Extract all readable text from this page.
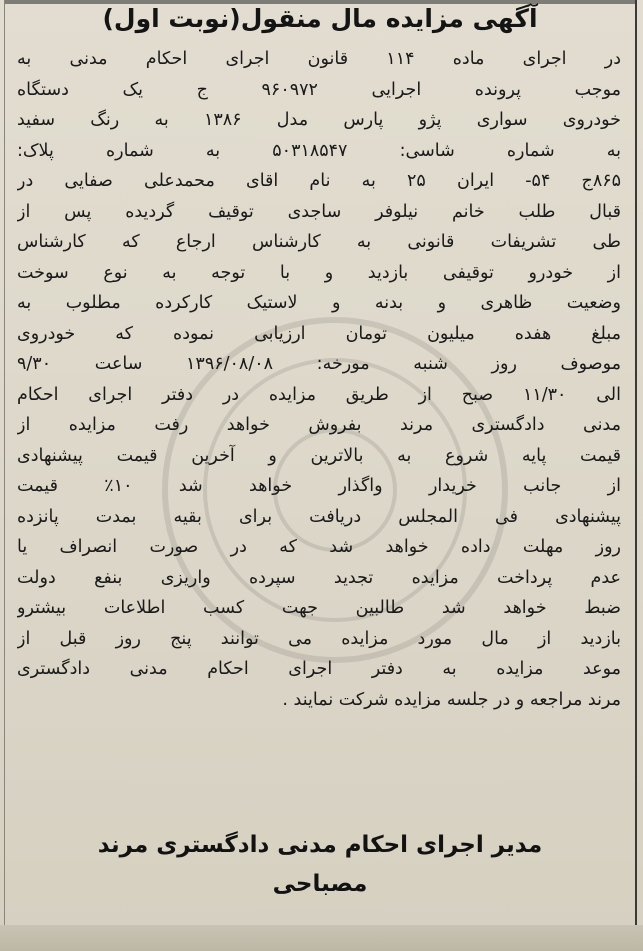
آگهی مزایده مال منقول(نوبت اول)
در اجرای ماده ۱۱۴ قانون اجرای احکام مدنی به
موجب پرونده اجرایی ۹۶۰۹۷۲ ج یک دستگاه
خودروی سواری پژو پارس مدل ۱۳۸۶ به رنگ سفید
به شماره شاسی: ۵۰۳۱۸۵۴۷ به شماره پلاک:
۸۶۵ج ۵۴- ایران ۲۵ به نام اقای محمدعلی صفایی در
قبال طلب خانم نیلوفر ساجدی توقیف گردیده پس از
طی تشریفات قانونی به کارشناس ارجاع که کارشناس
از خودرو توقیفی بازدید و با توجه به نوع سوخت
وضعیت ظاهری و بدنه و لاستیک کارکرده مطلوب به
مبلغ هفده میلیون تومان ارزیابی نموده که خودروی
موصوف روز شنبه مورخه: ۱۳۹۶/۰۸/۰۸ ساعت ۹/۳۰
الی ۱۱/۳۰ صبح از طریق مزایده در دفتر اجرای احکام
مدنی دادگستری مرند بفروش خواهد رفت مزایده از
قیمت پایه شروع به بالاترین و آخرین قیمت پیشنهادی
از جانب خریدار واگذار خواهد شد ۱۰٪ قیمت
پیشنهادی فی المجلس دریافت برای بقیه بمدت پانزده
روز مهلت داده خواهد شد که در صورت انصراف یا
عدم پرداخت مزایده تجدید سپرده واریزی بنفع دولت
ضبط خواهد شد طالبین جهت کسب اطلاعات بیشترو
بازدید از مال مورد مزایده می توانند پنج روز قبل از
موعد مزایده به دفتر اجرای احکام مدنی دادگستری
مرند مراجعه و در جلسه مزایده شرکت نمایند .
مدیر اجرای احکام مدنی دادگستری مرند
مصباحی
